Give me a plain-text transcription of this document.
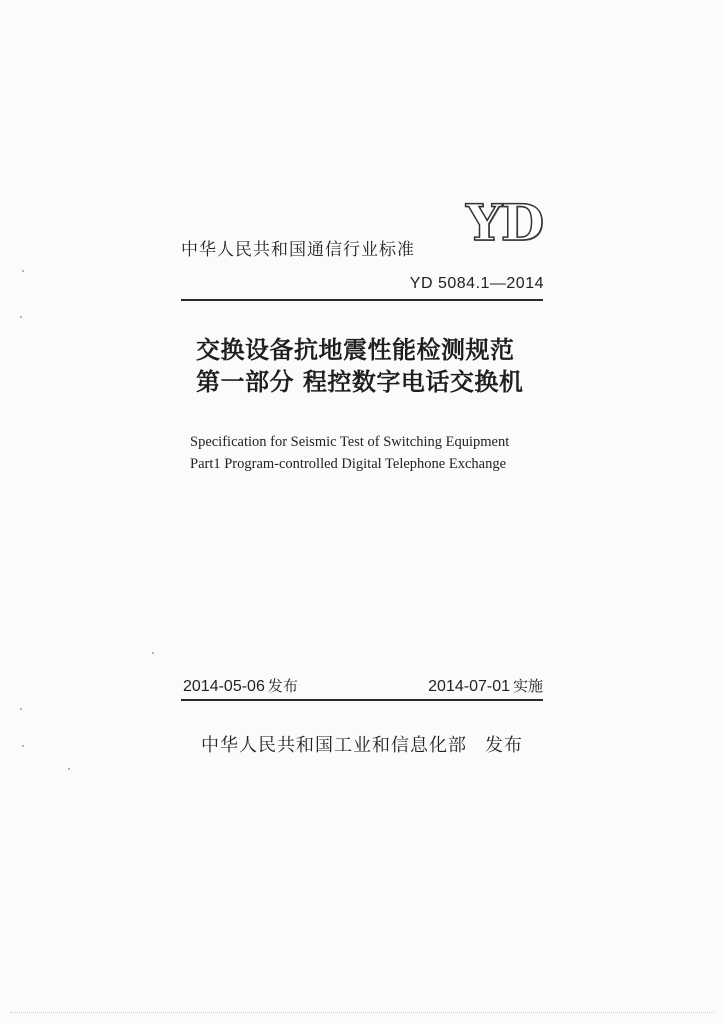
YD
中华人民共和国通信行业标准
YD 5084.1—2014
交换设备抗地震性能检测规范
第一部分 程控数字电话交换机
Specification for Seismic Test of Switching Equipment
Part1 Program-controlled Digital Telephone Exchange
2014-05-06 发布	2014-07-01 实施
中华人民共和国工业和信息化部 发布
